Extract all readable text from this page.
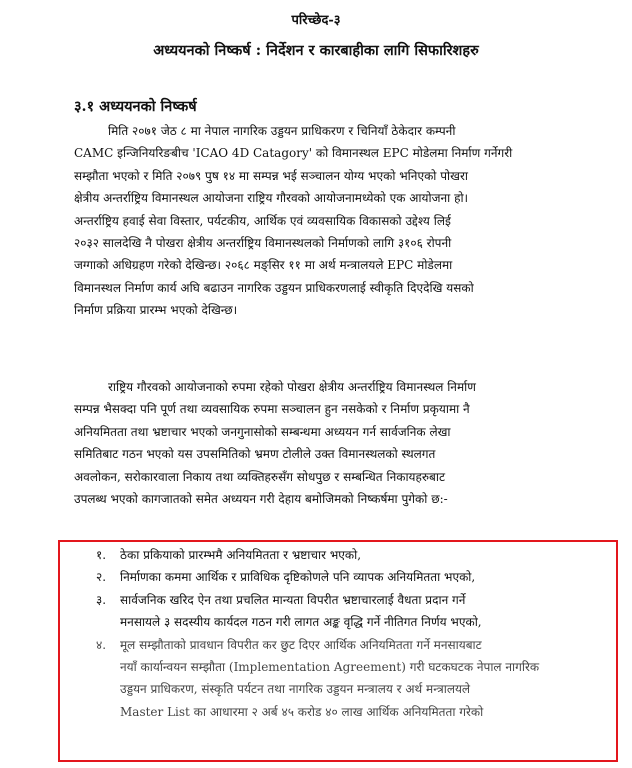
परिच्छेद-३
अध्ययनको निष्कर्ष : निर्देशन र कारबाहीका लागि सिफारिशहरु
३.१ अध्ययनको निष्कर्ष
मिति २०७१ जेठ ८ मा नेपाल नागरिक उड्डयन प्राधिकरण र चिनियाँ ठेकेदार कम्पनी
CAMC इन्जिनियरिङबीच 'ICAO 4D Catagory' को विमानस्थल EPC मोडेलमा निर्माण गर्नेगरी
सम्झौता भएको र मिति २०७९ पुष १४ मा सम्पन्न भई सञ्चालन योग्य भएको भनिएको पोखरा
क्षेत्रीय अन्तर्राष्ट्रिय विमानस्थल आयोजना राष्ट्रिय गौरवको आयोजनामध्येको एक आयोजना हो।
अन्तर्राष्ट्रिय हवाई सेवा विस्तार, पर्यटकीय, आर्थिक एवं व्यवसायिक विकासको उद्देश्य लिई
२०३२ सालदेखि नै पोखरा क्षेत्रीय अन्तर्राष्ट्रिय विमानस्थलको निर्माणको लागि ३१०६ रोपनी
जग्गाको अधिग्रहण गरेको देखिन्छ। २०६८ मङ्सिर ११ मा अर्थ मन्त्रालयले EPC मोडेलमा
विमानस्थल निर्माण कार्य अघि बढाउन नागरिक उड्डयन प्राधिकरणलाई स्वीकृति दिएदेखि यसको
निर्माण प्रक्रिया प्रारम्भ भएको देखिन्छ।
राष्ट्रिय गौरवको आयोजनाको रुपमा रहेको पोखरा क्षेत्रीय अन्तर्राष्ट्रिय विमानस्थल निर्माण
सम्पन्न भैसक्दा पनि पूर्ण तथा व्यवसायिक रुपमा सञ्चालन हुन नसकेको र निर्माण प्रकृयामा नै
अनियमितता तथा भ्रष्टाचार भएको जनगुनासोको सम्बन्धमा अध्ययन गर्न सार्वजनिक लेखा
समितिबाट गठन भएको यस उपसमितिको भ्रमण टोलीले उक्त विमानस्थलको स्थलगत
अवलोकन, सरोकारवाला निकाय तथा व्यक्तिहरुसँग सोधपुछ र सम्बन्धित निकायहरुबाट
उपलब्ध भएको कागजातको समेत अध्ययन गरी देहाय बमोजिमको निष्कर्षमा पुगेको छ:-
१. ठेका प्रकियाको प्रारम्भमै अनियमितता र भ्रष्टाचार भएको,
२. निर्माणका कममा आर्थिक र प्राविधिक दृष्टिकोणले पनि व्यापक अनियमितता भएको,
३. सार्वजनिक खरिद ऐन तथा प्रचलित मान्यता विपरीत भ्रष्टाचारलाई वैधता प्रदान गर्ने
मनसायले ३ सदस्यीय कार्यदल गठन गरी लागत अङ्क वृद्धि गर्ने नीतिगत निर्णय भएको,
४. मूल सम्झौताको प्रावधान विपरीत कर छुट दिएर आर्थिक अनियमितता गर्ने मनसायबाट
नयाँ कार्यान्वयन सम्झौता (Implementation Agreement) गरी घटकघटक नेपाल नागरिक
उड्डयन प्राधिकरण, संस्कृति पर्यटन तथा नागरिक उड्डयन मन्त्रालय र अर्थ मन्त्रालयले
Master List का आधारमा २ अर्ब ४५ करोड ४० लाख आर्थिक अनियमितता गरेको
